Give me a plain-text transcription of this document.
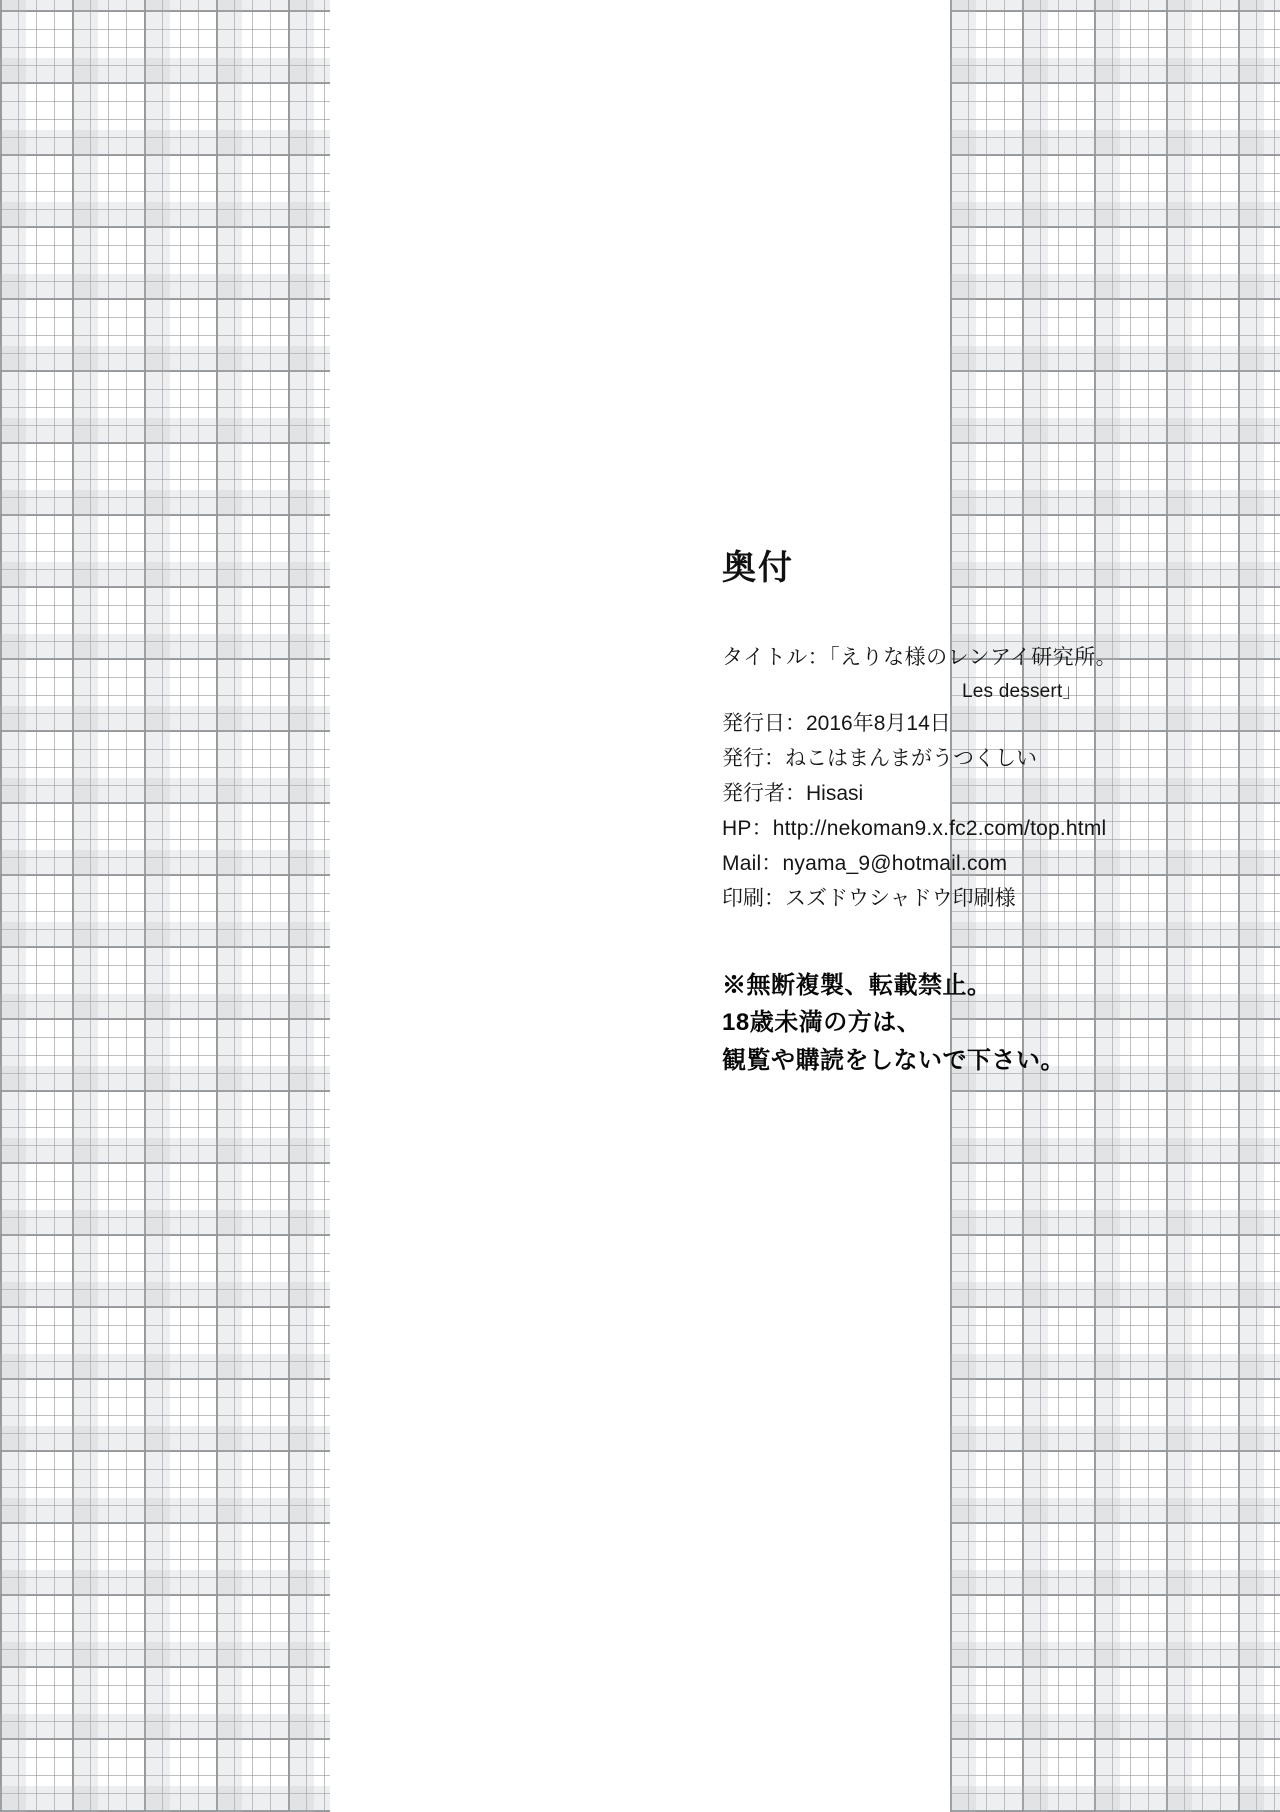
奥付

タイトル：「えりな様のレンアイ研究所。

Les dessert」

発行日：2016年8月14日

発行：ねこはまんまがうつくしい

発行者：Hisasi

HP：http://nekoman9.x.fc2.com/top.html

Mail：nyama_9@hotmail.com

印刷：スズドウシャドウ印刷様

※無断複製、転載禁止。

18歳未満の方は、

観覧や購読をしないで下さい。
